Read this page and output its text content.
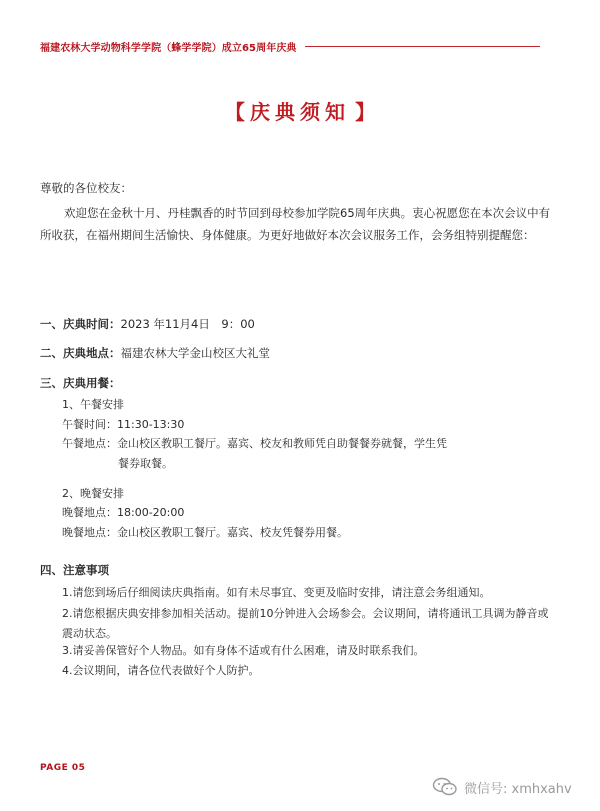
福建农林大学动物科学学院（蜂学学院）成立65周年庆典
【 庆典须知 】
尊敬的各位校友：
欢迎您在金秋十月、丹桂飘香的时节回到母校参加学院65周年庆典。衷心祝愿您在本次会议中有所收获，在福州期间生活愉快、身体健康。为更好地做好本次会议服务工作，会务组特别提醒您：
一、庆典时间：2023 年11月4日　9：00
二、庆典地点：福建农林大学金山校区大礼堂
三、庆典用餐：
1、午餐安排
午餐时间：11:30-13:30
午餐地点：金山校区教职工餐厅。嘉宾、校友和教师凭自助餐餐券就餐，学生凭
餐券取餐。
2、晚餐安排
晚餐地点：18:00-20:00
晚餐地点：金山校区教职工餐厅。嘉宾、校友凭餐券用餐。
四、注意事项
1.请您到场后仔细阅读庆典指南。如有未尽事宜、变更及临时安排，请注意会务组通知。
2.请您根据庆典安排参加相关活动。提前10分钟进入会场参会。会议期间，请将通讯工具调为静音或震动状态。
3.请妥善保管好个人物品。如有身体不适或有什么困难，请及时联系我们。
4.会议期间，请各位代表做好个人防护。
PAGE 05
微信号: xmhxahv
